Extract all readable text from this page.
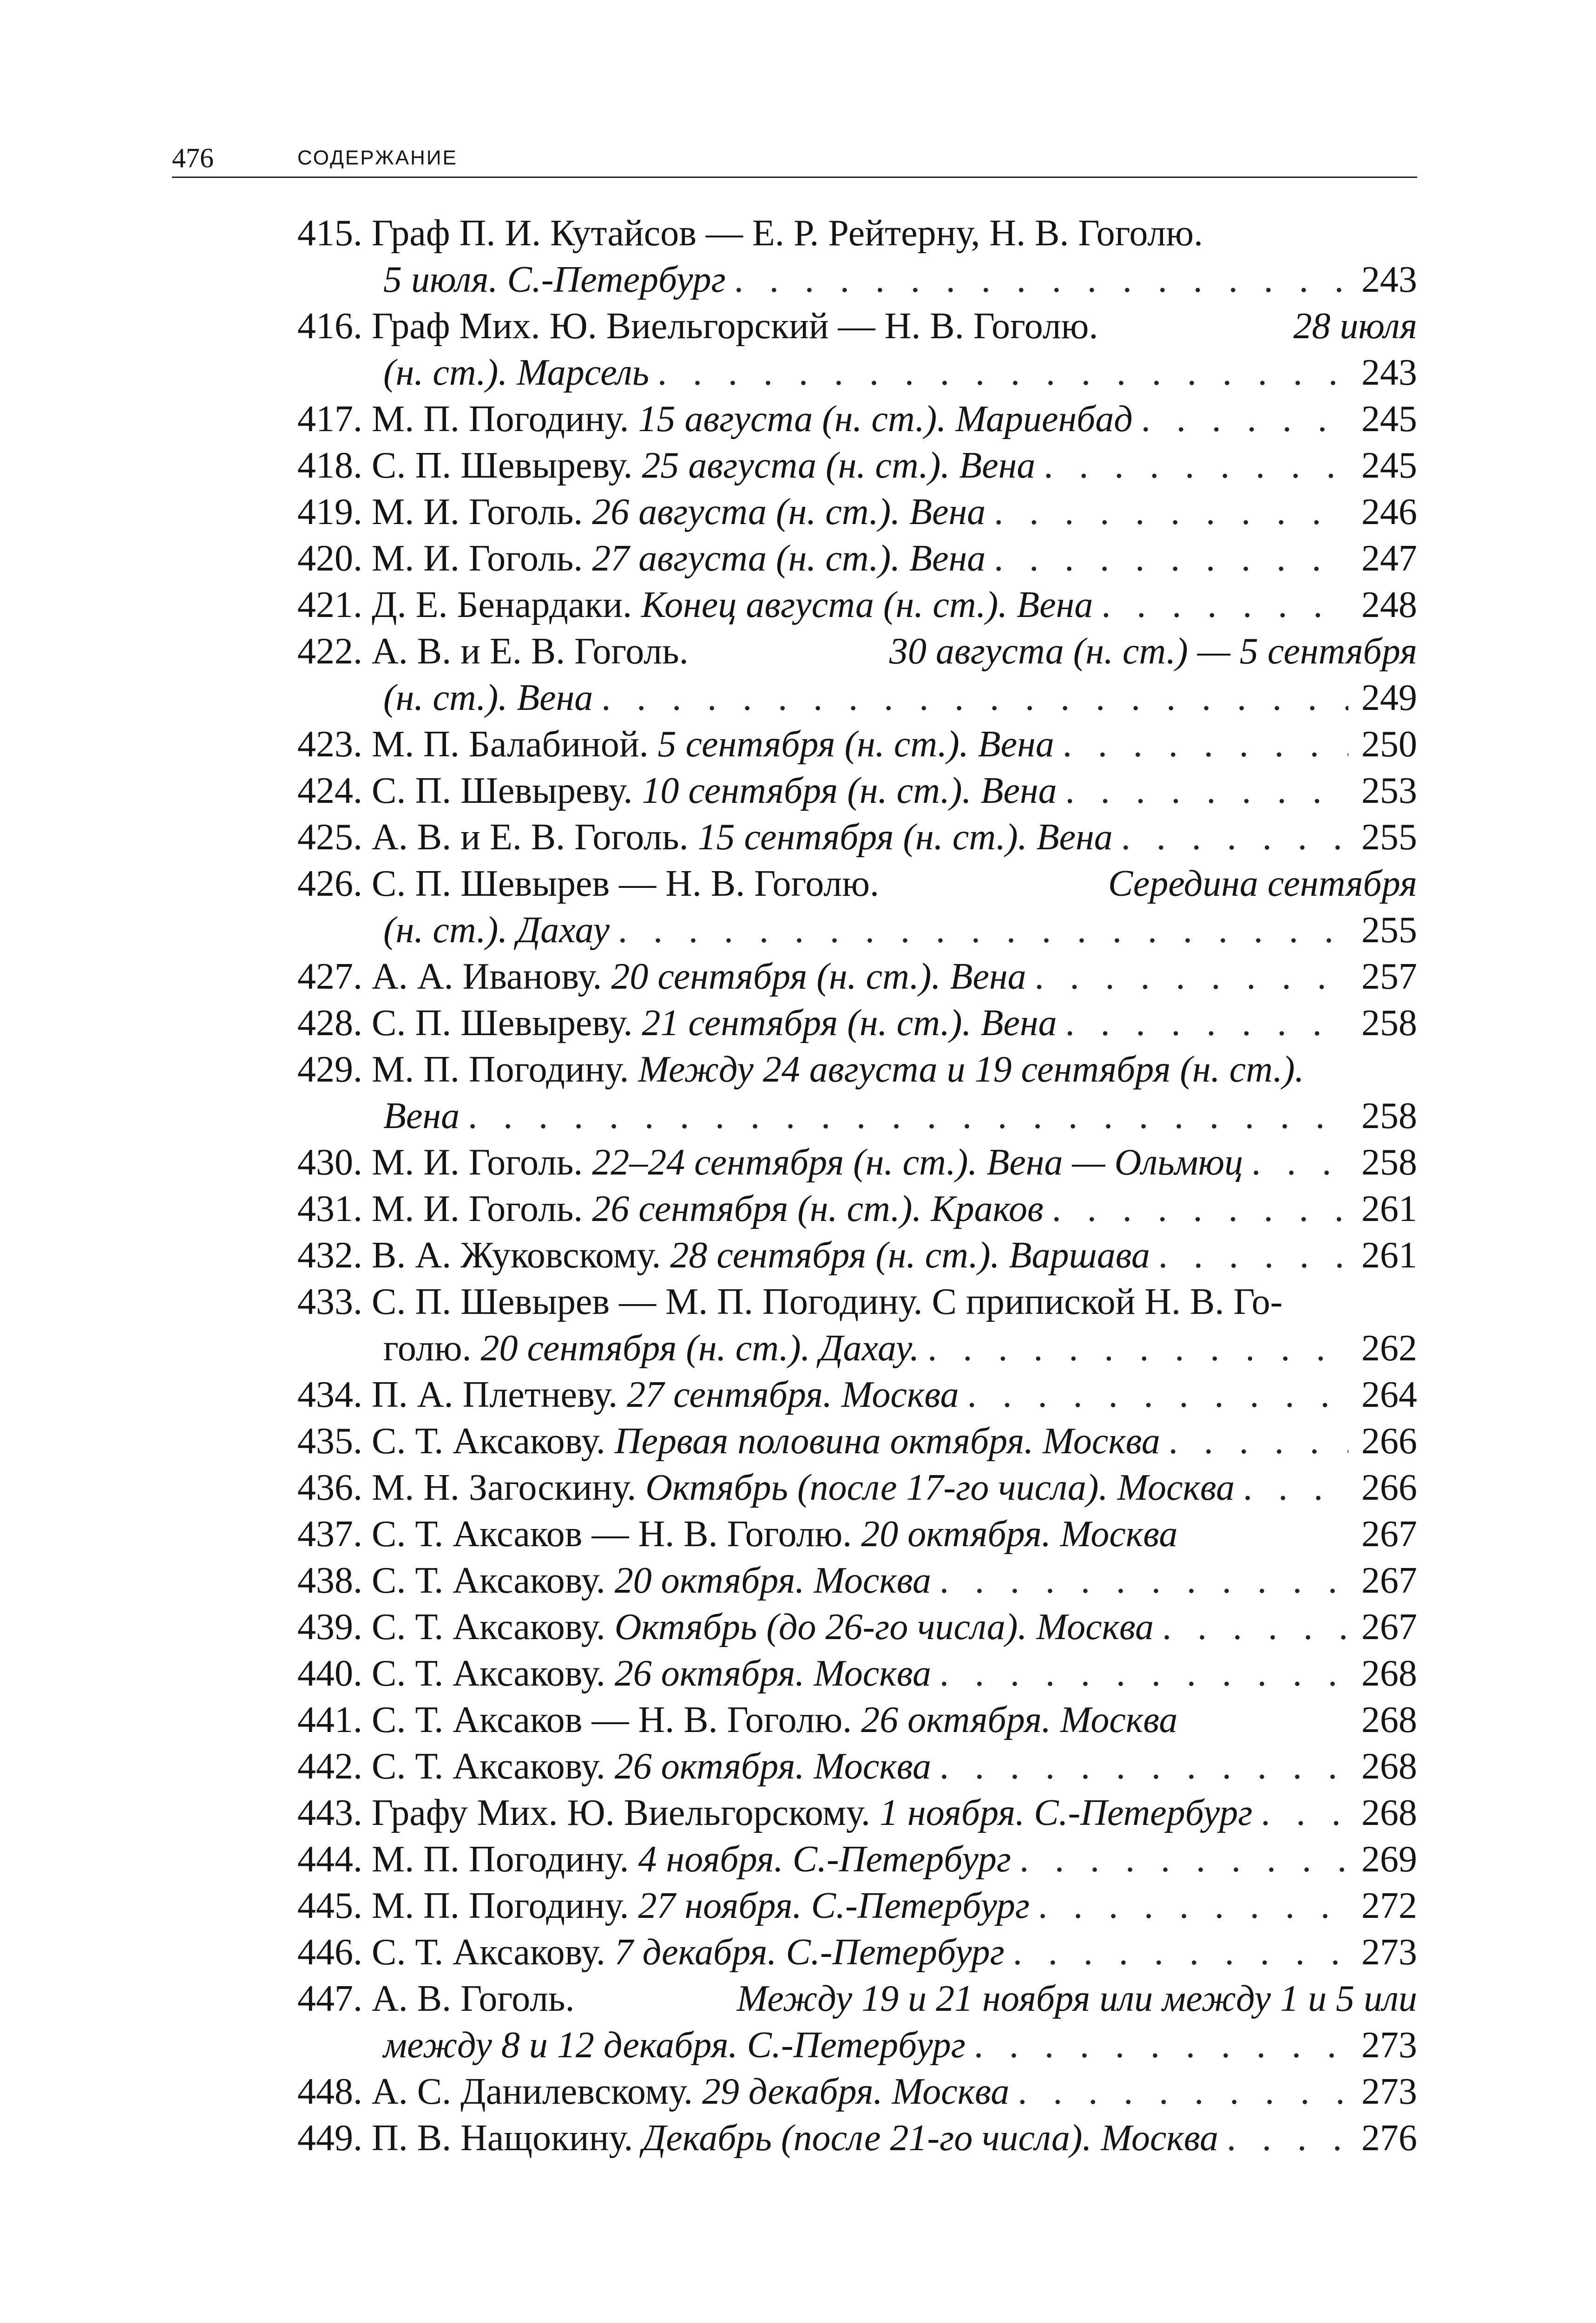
476	СОДЕРЖАНИЕ
415. Граф П. И. Кутайсов — Е. Р. Рейтерну, Н. В. Гоголю.
5 июля. С.-Петербург . . .	243
416. Граф Мих. Ю. Виельгорский — Н. В. Гоголю.	28 июля
(н. ст.). Марсель . . .	243
417. М. П. Погодину. 15 августа (н. ст.). Мариенбад . . .	245
418. С. П. Шевыреву. 25 августа (н. ст.). Вена . . .	245
419. М. И. Гоголь. 26 августа (н. ст.). Вена . . .	246
420. М. И. Гоголь. 27 августа (н. ст.). Вена . . .	247
421. Д. Е. Бенардаки. Конец августа (н. ст.). Вена . . .	248
422. А. В. и Е. В. Гоголь.	30 августа (н. ст.) — 5 сентября
(н. ст.). Вена . . .	249
423. М. П. Балабиной. 5 сентября (н. ст.). Вена . . .	250
424. С. П. Шевыреву. 10 сентября (н. ст.). Вена . . .	253
425. А. В. и Е. В. Гоголь. 15 сентября (н. ст.). Вена . . .	255
426. С. П. Шевырев — Н. В. Гоголю.	Середина сентября
(н. ст.). Дахау . . .	255
427. А. А. Иванову. 20 сентября (н. ст.). Вена . . .	257
428. С. П. Шевыреву. 21 сентября (н. ст.). Вена . . .	258
429. М. П. Погодину. Между 24 августа и 19 сентября (н. ст.).
Вена . . .	258
430. М. И. Гоголь. 22–24 сентября (н. ст.). Вена — Ольмюц . . .	258
431. М. И. Гоголь. 26 сентября (н. ст.). Краков . . .	261
432. В. А. Жуковскому. 28 сентября (н. ст.). Варшава . . .	261
433. С. П. Шевырев — М. П. Погодину. С припиской Н. В. Го-
голю. 20 сентября (н. ст.). Дахау. . . .	262
434. П. А. Плетневу. 27 сентября. Москва . . .	264
435. С. Т. Аксакову. Первая половина октября. Москва . . .	266
436. М. Н. Загоскину. Октябрь (после 17-го числа). Москва . . .	266
437. С. Т. Аксаков — Н. В. Гоголю. 20 октября. Москва	267
438. С. Т. Аксакову. 20 октября. Москва . . .	267
439. С. Т. Аксакову. Октябрь (до 26-го числа). Москва . . .	267
440. С. Т. Аксакову. 26 октября. Москва . . .	268
441. С. Т. Аксаков — Н. В. Гоголю. 26 октября. Москва	268
442. С. Т. Аксакову. 26 октября. Москва . . .	268
443. Графу Мих. Ю. Виельгорскому. 1 ноября. С.-Петербург . . .	268
444. М. П. Погодину. 4 ноября. С.-Петербург . . .	269
445. М. П. Погодину. 27 ноября. С.-Петербург . . .	272
446. С. Т. Аксакову. 7 декабря. С.-Петербург . . .	273
447. А. В. Гоголь.	Между 19 и 21 ноября или между 1 и 5 или
между 8 и 12 декабря. С.-Петербург . . .	273
448. А. С. Данилевскому. 29 декабря. Москва . . .	273
449. П. В. Нащокину. Декабрь (после 21-го числа). Москва . . .	276
